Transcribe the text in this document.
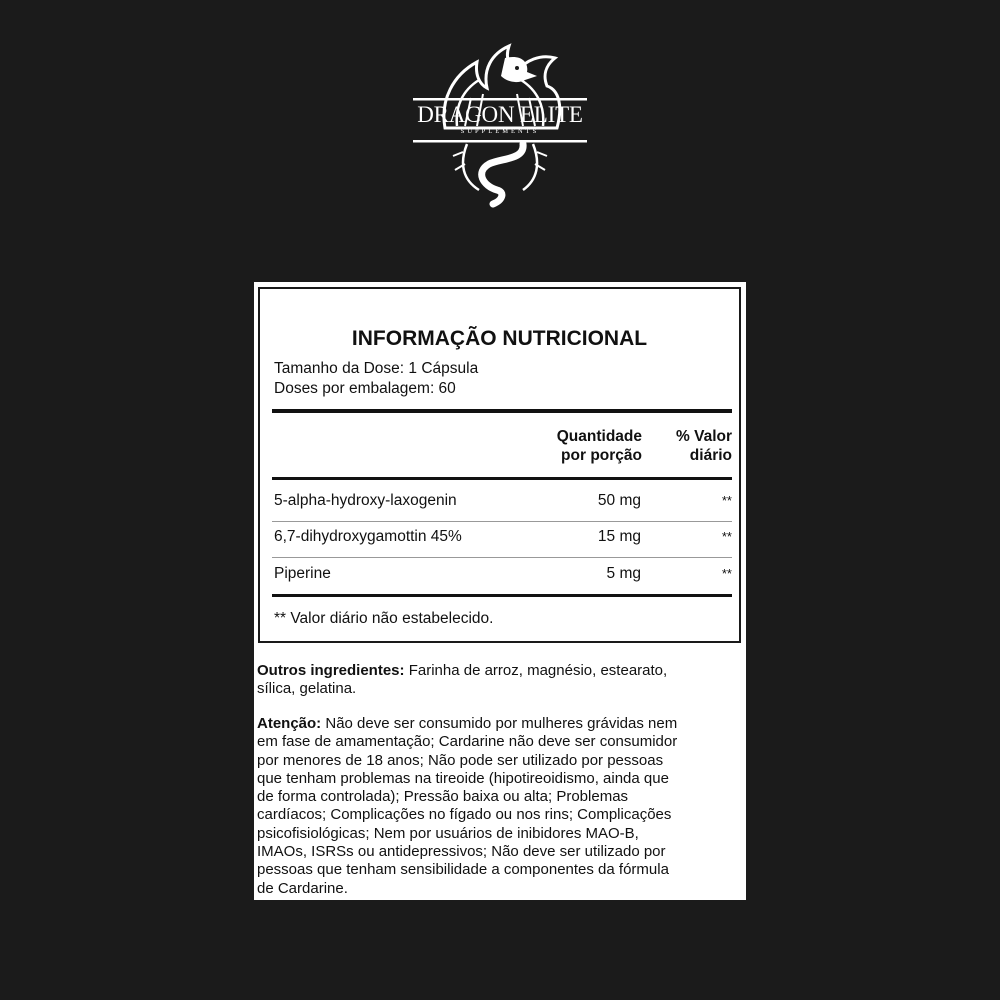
DRAGON ELITE
SUPPLEMENTS
INFORMAÇÃO NUTRICIONAL
Tamanho da Dose: 1 Cápsula
Doses por embalagem: 60
Quantidade
por porção
% Valor
diário
5-alpha-hydroxy-laxogenin	50 mg	**
6,7-dihydroxygamottin 45%	15 mg	**
Piperine	5 mg	**
** Valor diário não estabelecido.
Outros ingredientes: Farinha de arroz, magnésio, estearato,
sílica, gelatina.
Atenção: Não deve ser consumido por mulheres grávidas nem
em fase de amamentação; Cardarine não deve ser consumidor
por menores de 18 anos; Não pode ser utilizado por pessoas
que tenham problemas na tireoide (hipotireoidismo, ainda que
de forma controlada); Pressão baixa ou alta; Problemas
cardíacos; Complicações no fígado ou nos rins; Complicações
psicofisiológicas; Nem por usuários de inibidores MAO-B,
IMAOs, ISRSs ou antidepressivos; Não deve ser utilizado por
pessoas que tenham sensibilidade a componentes da fórmula
de Cardarine.
